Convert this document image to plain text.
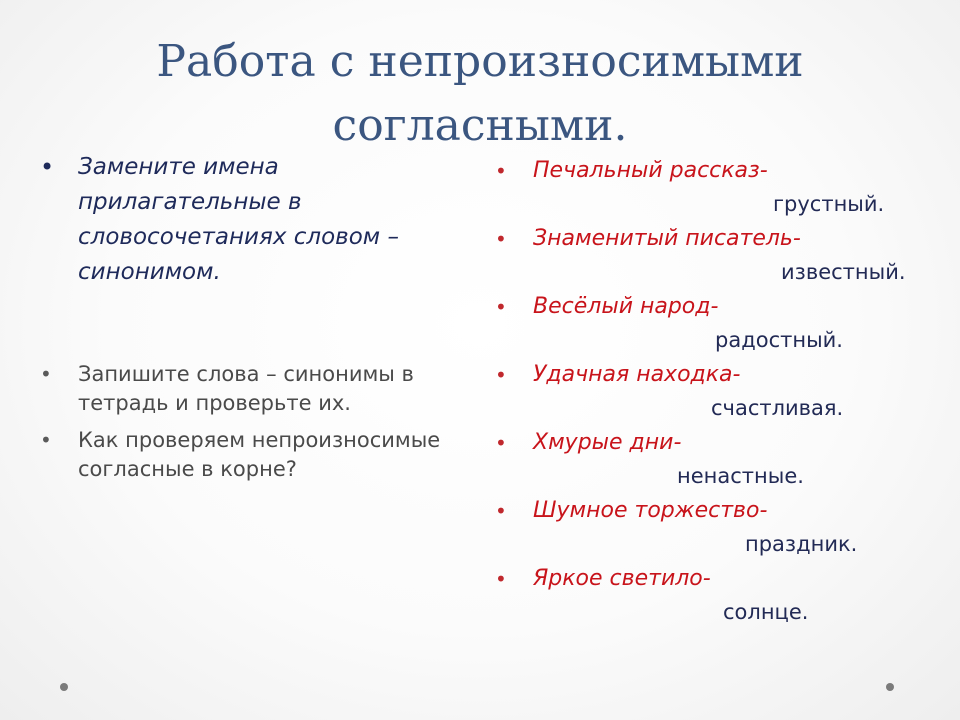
Работа с непроизносимыми согласными.
• Замените имена прилагательные в словосочетаниях словом – синонимом.
• Запишите слова – синонимы в тетрадь и проверьте их.
• Как проверяем непроизносимые согласные в корне?
• Печальный рассказ-
грустный.
• Знаменитый писатель-
известный.
• Весёлый народ-
радостный.
• Удачная находка-
счастливая.
• Хмурые дни-
ненастные.
• Шумное торжество-
праздник.
• Яркое светило-
солнце.
